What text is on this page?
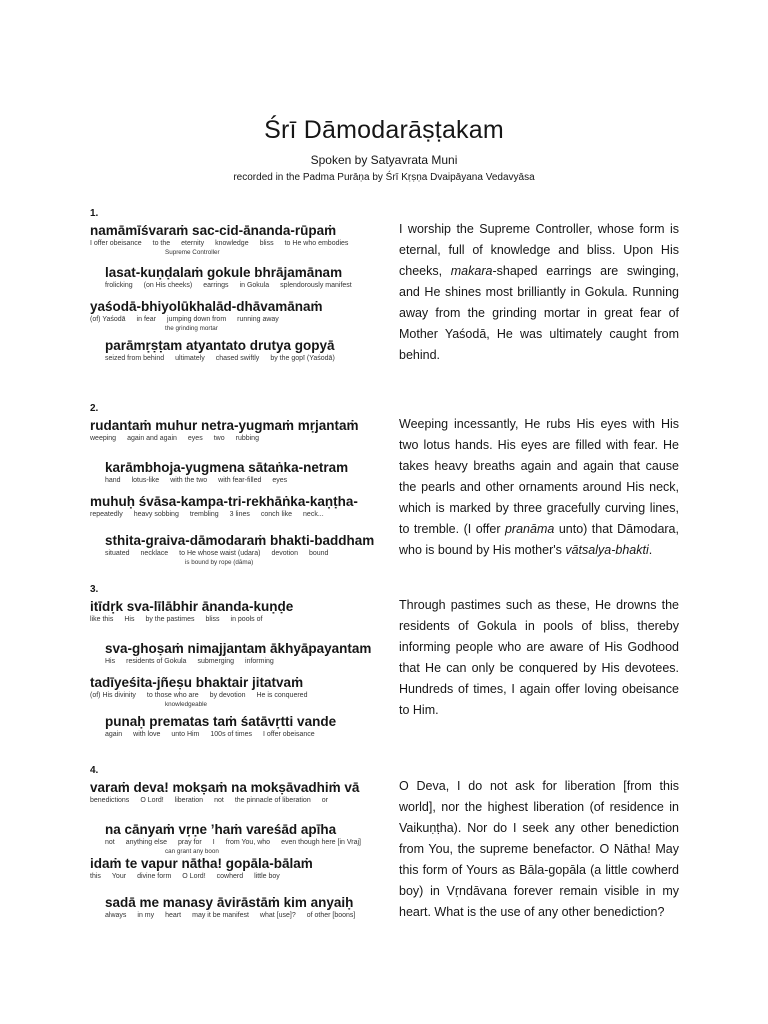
Śrī Dāmodarāṣṭakam
Spoken by Satyavrata Muni
recorded in the Padma Purāṇa by Śrī Kṛṣṇa Dvaipāyana Vedavyāsa
1.
namāmīśvaraṁ sac-cid-ānanda-rūpaṁ
I offer obeisance to the eternity knowledge bliss to He who embodies
Supreme Controller
lasat-kuṇḍalaṁ gokule bhrājamānam
frolicking (on His cheeks) earrings in Gokula splendorously manifest
yaśodā-bhiyolūkhalād-dhāvamānaṁ
(of) Yaśodā in fear jumping down from running away
the grinding mortar
parāmṛṣṭam atyantato drutya gopyā
seized from behind ultimately chased swiftly by the gopī (Yaśodā)
I worship the Supreme Controller, whose form is eternal, full of knowledge and bliss. Upon His cheeks, makara-shaped earrings are swinging, and He shines most brilliantly in Gokula. Running away from the grinding mortar in great fear of Mother Yaśodā, He was ultimately caught from behind.
2.
rudantaṁ muhur netra-yugmaṁ mṛjantaṁ
weeping again and again eyes two rubbing
karāmbhoja-yugmena sātaṅka-netram
hand lotus-like with the two with fear-filled eyes
muhuḥ śvāsa-kampa-tri-rekhāṅka-kaṇṭha-
repeatedly heavy sobbing trembling 3 lines conch like neck...
sthita-graiva-dāmodaraṁ bhakti-baddham
situated necklace to He whose waist (udara) devotion bound
is bound by rope (dāma)
Weeping incessantly, He rubs His eyes with His two lotus hands. His eyes are filled with fear. He takes heavy breaths again and again that cause the pearls and other ornaments around His neck, which is marked by three gracefully curving lines, to tremble. (I offer pranāma unto) that Dāmodara, who is bound by His mother's vātsalya-bhakti.
3.
itīdṛk sva-līlābhir ānanda-kuṇḍe
like this His by the pastimes bliss in pools of
sva-ghoṣaṁ nimajjantam ākhyāpayantam
His residents of Gokula submerging informing
tadīyeśita-jñeṣu bhaktair jitatvaṁ
(of) His divinity to those who are by devotion He is conquered
knowledgeable
punaḥ prematas taṁ śatāvṛtti vande
again with love unto Him 100s of times I offer obeisance
Through pastimes such as these, He drowns the residents of Gokula in pools of bliss, thereby informing people who are aware of His Godhood that He can only be conquered by His devotees. Hundreds of times, I again offer loving obeisance to Him.
4.
varaṁ deva! mokṣaṁ na mokṣāvadhiṁ vā
benedictions O Lord! liberation not the pinnacle of liberation or
na cānyaṁ vṛṇe ’haṁ vareśād apīha
not anything else pray for I from You, who even though here [in Vraj]
can grant any boon
idaṁ te vapur nātha! gopāla-bālaṁ
this Your divine form O Lord! cowherd little boy
sadā me manasy āvirāstāṁ kim anyaiḥ
always in my heart may it be manifest what [use]? of other [boons]
O Deva, I do not ask for liberation [from this world], nor the highest liberation (of residence in Vaikuṇṭha). Nor do I seek any other benediction from You, the supreme benefactor. O Nātha! May this form of Yours as Bāla-gopāla (a little cowherd boy) in Vṛndāvana forever remain visible in my heart. What is the use of any other benediction?
